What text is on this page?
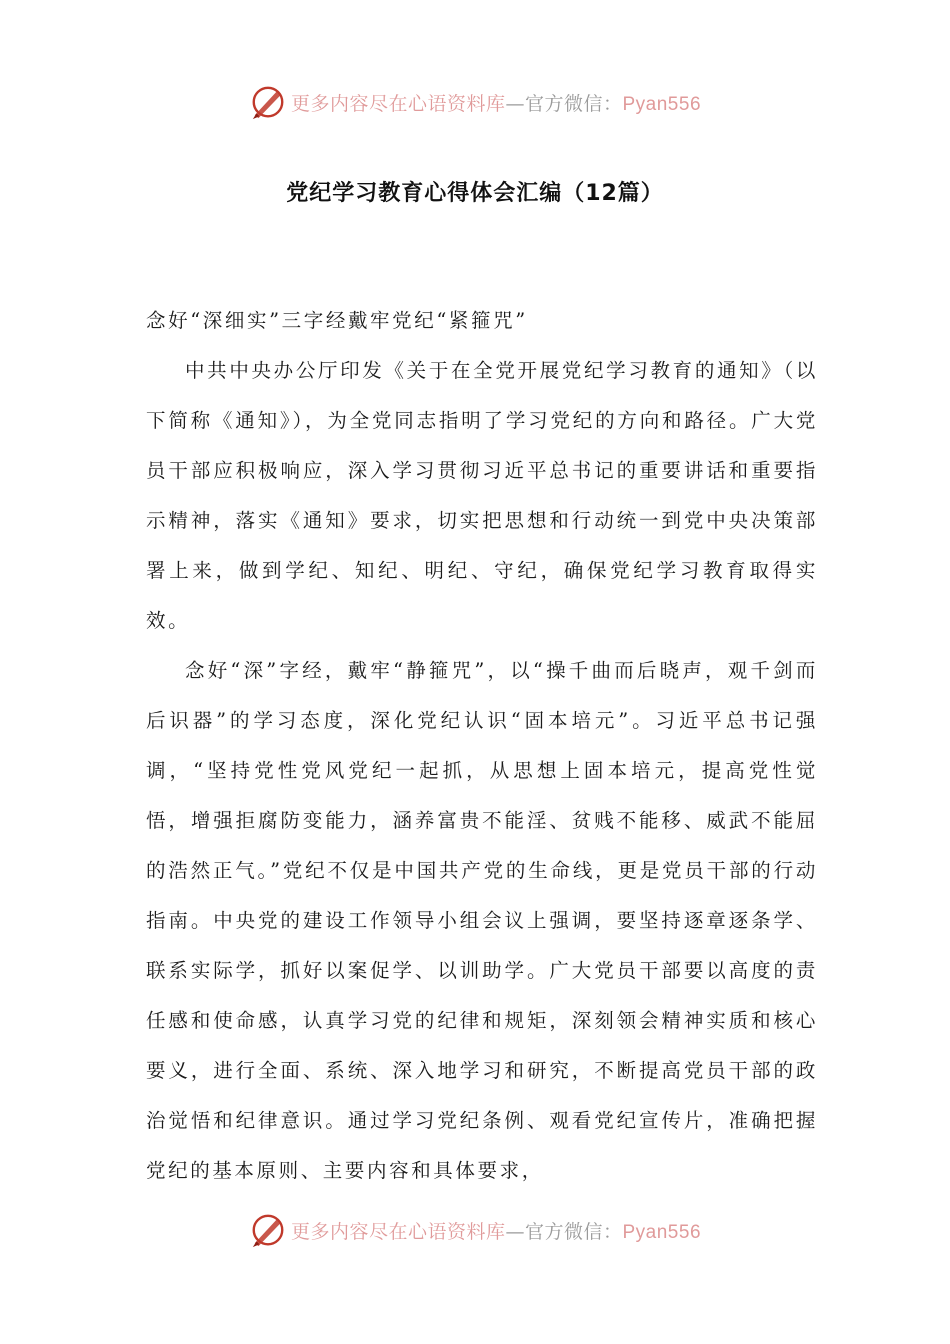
更多内容尽在心语资料库—官方微信：Pyan556
党纪学习教育心得体会汇编（12篇）

念好“深细实”三字经戴牢党纪“紧箍咒”

中共中央办公厅印发《关于在全党开展党纪学习教育的通知》（以下简称《通知》），为全党同志指明了学习党纪的方向和路径。广大党员干部应积极响应，深入学习贯彻习近平总书记的重要讲话和重要指示精神，落实《通知》要求，切实把思想和行动统一到党中央决策部署上来，做到学纪、知纪、明纪、守纪，确保党纪学习教育取得实效。

念好“深”字经，戴牢“静箍咒”，以“操千曲而后晓声，观千剑而后识器”的学习态度，深化党纪认识“固本培元”。习近平总书记强调，“坚持党性党风党纪一起抓，从思想上固本培元，提高党性觉悟，增强拒腐防变能力，涵养富贵不能淫、贫贱不能移、威武不能屈的浩然正气。”党纪不仅是中国共产党的生命线，更是党员干部的行动指南。中央党的建设工作领导小组会议上强调，要坚持逐章逐条学、联系实际学，抓好以案促学、以训助学。广大党员干部要以高度的责任感和使命感，认真学习党的纪律和规矩，深刻领会精神实质和核心要义，进行全面、系统、深入地学习和研究，不断提高党员干部的政治觉悟和纪律意识。通过学习党纪条例、观看党纪宣传片，准确把握党纪的基本原则、主要内容和具体要求，

更多内容尽在心语资料库—官方微信：Pyan556
